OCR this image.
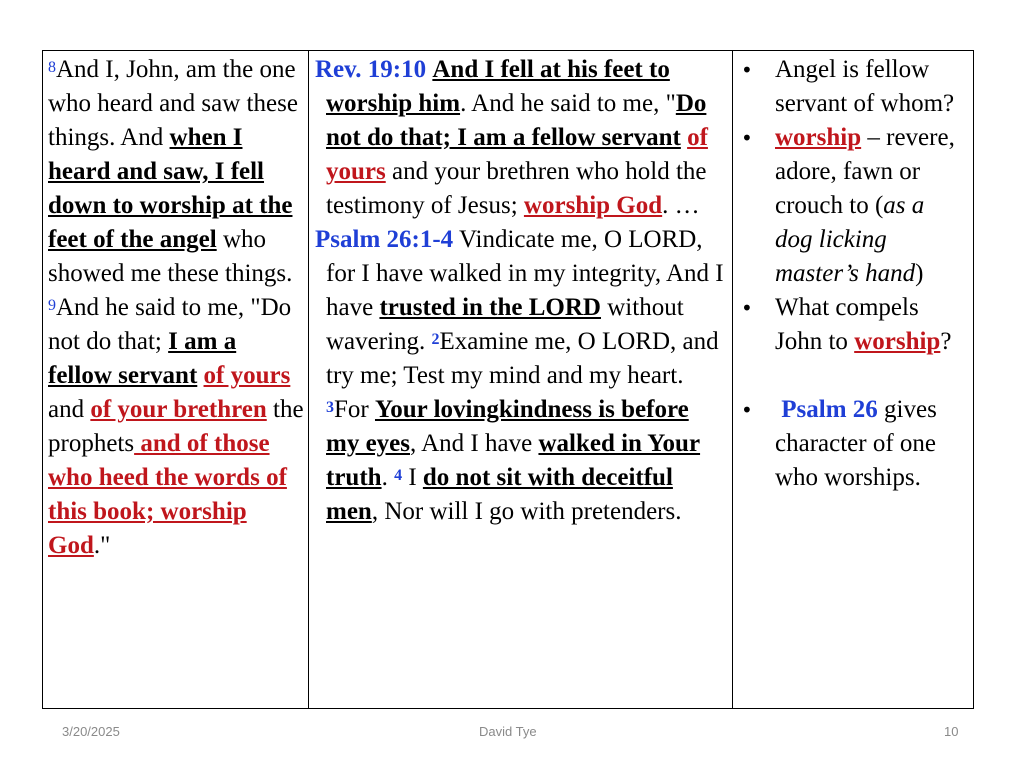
$^8$And I, John, am the one who heard and saw these things. And when I heard and saw, I fell down to worship at the feet of the angel who showed me these things. $^9$And he said to me, "Do not do that; I am a fellow servant of yours and of your brethren the prophets and of those who heed the words of this book; worship God."

Rev. 19:10 And I fell at his feet to worship him. And he said to me, "Do not do that; I am a fellow servant of yours and your brethren who hold the testimony of Jesus; worship God. …

Psalm 26:1-4 Vindicate me, O LORD, for I have walked in my integrity, And I have trusted in the LORD without wavering. $^2$Examine me, O LORD, and try me; Test my mind and my heart. $^3$For Your lovingkindness is before my eyes, And I have walked in Your truth. $^4$ I do not sit with deceitful men, Nor will I go with pretenders.

• Angel is fellow servant of whom?
• worship – revere, adore, fawn or crouch to (as a dog licking master’s hand)
• What compels John to worship?
• Psalm 26 gives character of one who worships.
3/20/2025	David Tye	10
